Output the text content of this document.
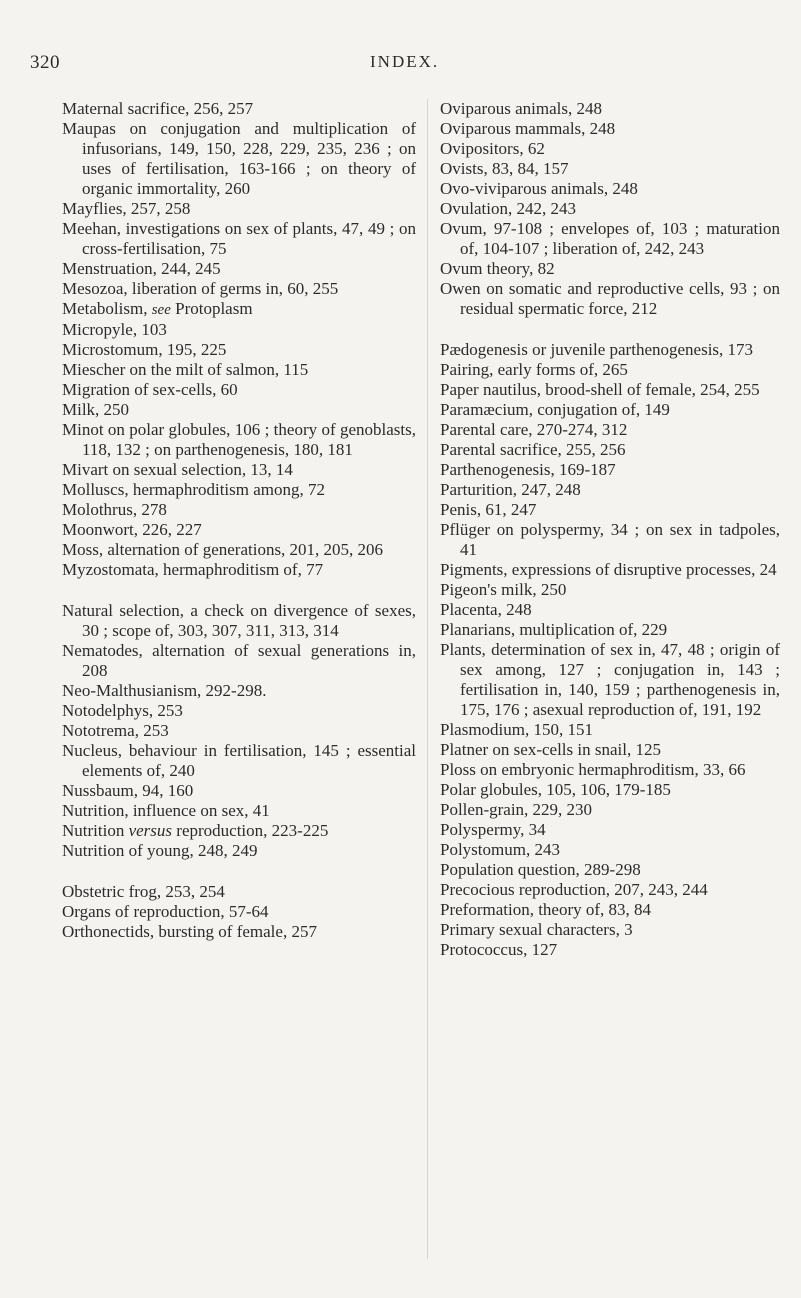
320	INDEX.

Maternal sacrifice, 256, 257

Maupas on conjugation and multiplication of infusorians, 149, 150, 228, 229, 235, 236 ; on uses of fertilisation, 163-166 ; on theory of organic immortality, 260

Mayflies, 257, 258

Meehan, investigations on sex of plants, 47, 49 ; on cross-fertilisation, 75

Menstruation, 244, 245

Mesozoa, liberation of germs in, 60, 255

Metabolism, see Protoplasm

Micropyle, 103

Microstomum, 195, 225

Miescher on the milt of salmon, 115

Migration of sex-cells, 60

Milk, 250

Minot on polar globules, 106 ; theory of genoblasts, 118, 132 ; on parthenogenesis, 180, 181

Mivart on sexual selection, 13, 14

Molluscs, hermaphroditism among, 72

Molothrus, 278

Moonwort, 226, 227

Moss, alternation of generations, 201, 205, 206

Myzostomata, hermaphroditism of, 77

Natural selection, a check on divergence of sexes, 30 ; scope of, 303, 307, 311, 313, 314

Nematodes, alternation of sexual generations in, 208

Neo-Malthusianism, 292-298.

Notodelphys, 253

Nototrema, 253

Nucleus, behaviour in fertilisation, 145 ; essential elements of, 240

Nussbaum, 94, 160

Nutrition, influence on sex, 41

Nutrition versus reproduction, 223-225

Nutrition of young, 248, 249

Obstetric frog, 253, 254

Organs of reproduction, 57-64

Orthonectids, bursting of female, 257

Oviparous animals, 248

Oviparous mammals, 248

Ovipositors, 62

Ovists, 83, 84, 157

Ovo-viviparous animals, 248

Ovulation, 242, 243

Ovum, 97-108 ; envelopes of, 103 ; maturation of, 104-107 ; liberation of, 242, 243

Ovum theory, 82

Owen on somatic and reproductive cells, 93 ; on residual spermatic force, 212

Pædogenesis or juvenile parthenogenesis, 173

Pairing, early forms of, 265

Paper nautilus, brood-shell of female, 254, 255

Paramæcium, conjugation of, 149

Parental care, 270-274, 312

Parental sacrifice, 255, 256

Parthenogenesis, 169-187

Parturition, 247, 248

Penis, 61, 247

Pflüger on polyspermy, 34 ; on sex in tadpoles, 41

Pigments, expressions of disruptive processes, 24

Pigeon's milk, 250

Placenta, 248

Planarians, multiplication of, 229

Plants, determination of sex in, 47, 48 ; origin of sex among, 127 ; conjugation in, 143 ; fertilisation in, 140, 159 ; parthenogenesis in, 175, 176 ; asexual reproduction of, 191, 192

Plasmodium, 150, 151

Platner on sex-cells in snail, 125

Ploss on embryonic hermaphroditism, 33, 66

Polar globules, 105, 106, 179-185

Pollen-grain, 229, 230

Polyspermy, 34

Polystomum, 243

Population question, 289-298

Precocious reproduction, 207, 243, 244

Preformation, theory of, 83, 84

Primary sexual characters, 3

Protococcus, 127
